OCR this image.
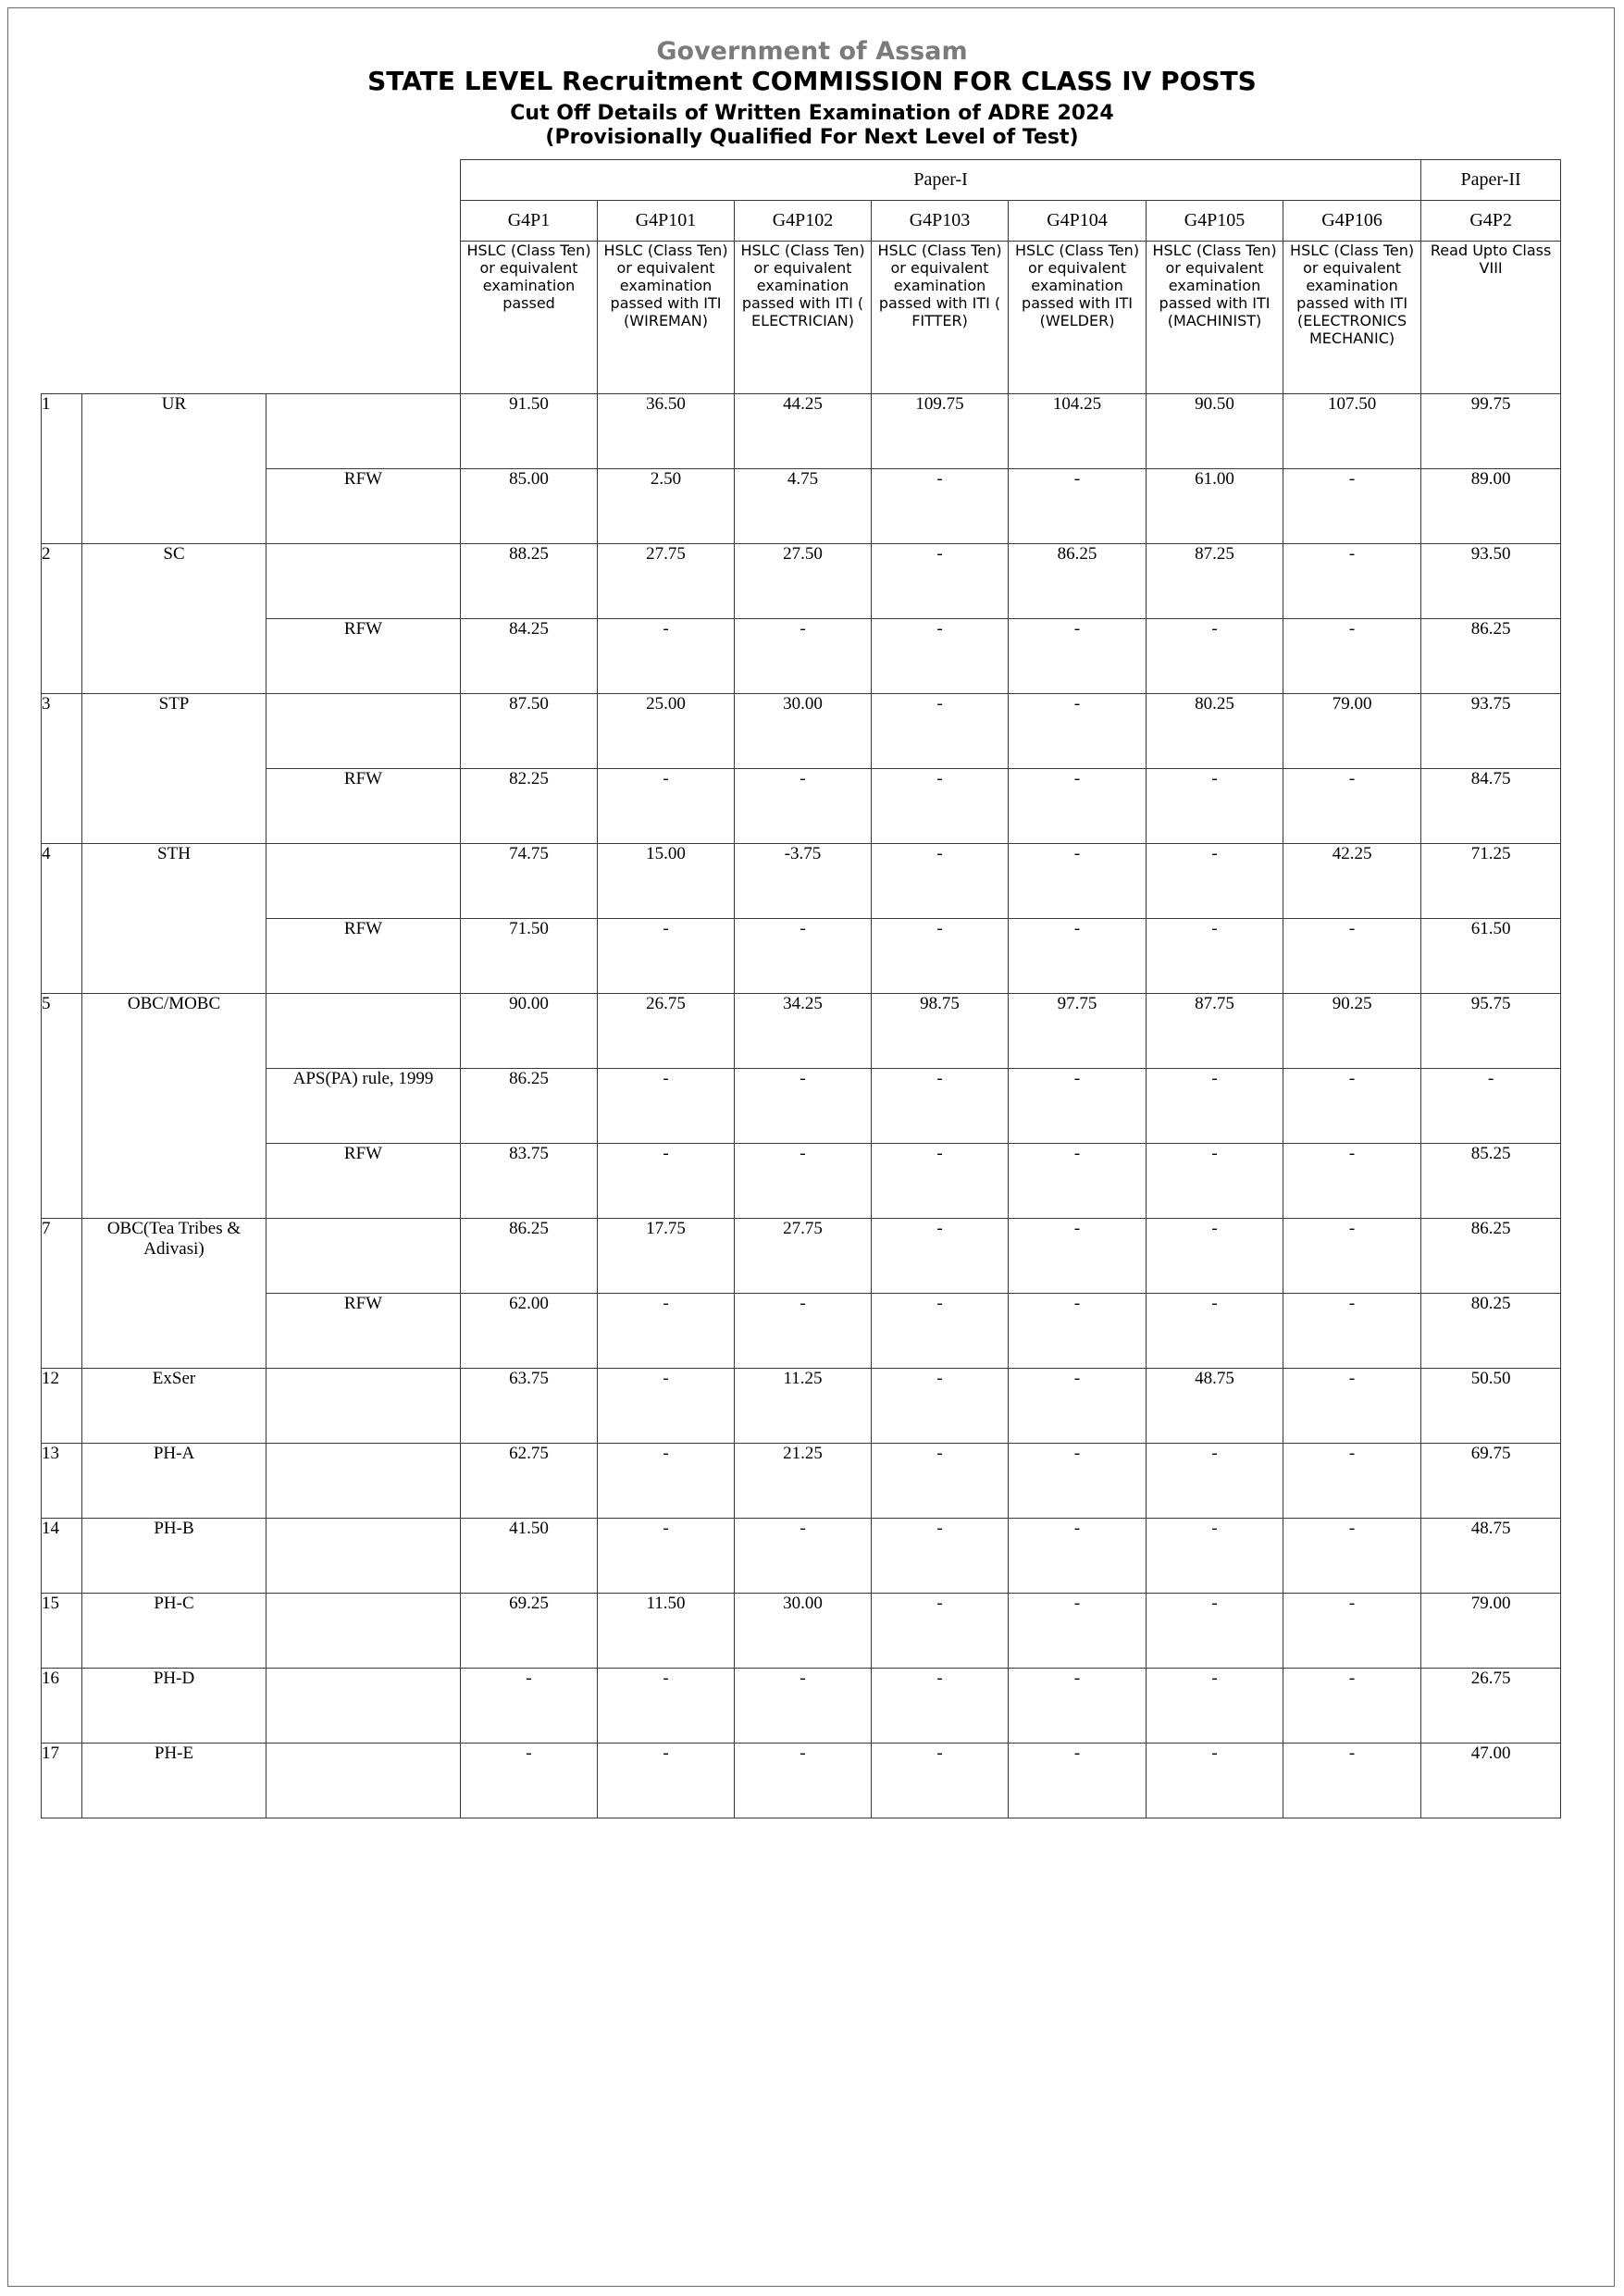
Government of Assam
STATE LEVEL Recruitment COMMISSION FOR CLASS IV POSTS
Cut Off Details of Written Examination of ADRE 2024
(Provisionally Qualified For Next Level of Test)
			Paper-I							Paper-II
			G4P1	G4P101	G4P102	G4P103	G4P104	G4P105	G4P106	G4P2
			HSLC (Class Ten) or equivalent examination passed	HSLC (Class Ten) or equivalent examination passed with ITI (WIREMAN)	HSLC (Class Ten) or equivalent examination passed with ITI ( ELECTRICIAN)	HSLC (Class Ten) or equivalent examination passed with ITI ( FITTER)	HSLC (Class Ten) or equivalent examination passed with ITI (WELDER)	HSLC (Class Ten) or equivalent examination passed with ITI (MACHINIST)	HSLC (Class Ten) or equivalent examination passed with ITI (ELECTRONICS MECHANIC)	Read Upto Class VIII
1	UR		91.50	36.50	44.25	109.75	104.25	90.50	107.50	99.75
		RFW	85.00	2.50	4.75	-	-	61.00	-	89.00
2	SC		88.25	27.75	27.50	-	86.25	87.25	-	93.50
		RFW	84.25	-	-	-	-	-	-	86.25
3	STP		87.50	25.00	30.00	-	-	80.25	79.00	93.75
		RFW	82.25	-	-	-	-	-	-	84.75
4	STH		74.75	15.00	-3.75	-	-	-	42.25	71.25
		RFW	71.50	-	-	-	-	-	-	61.50
5	OBC/MOBC		90.00	26.75	34.25	98.75	97.75	87.75	90.25	95.75
		APS(PA) rule, 1999	86.25	-	-	-	-	-	-	-
		RFW	83.75	-	-	-	-	-	-	85.25
7	OBC(Tea Tribes & Adivasi)		86.25	17.75	27.75	-	-	-	-	86.25
		RFW	62.00	-	-	-	-	-	-	80.25
12	ExSer		63.75	-	11.25	-	-	48.75	-	50.50
13	PH-A		62.75	-	21.25	-	-	-	-	69.75
14	PH-B		41.50	-	-	-	-	-	-	48.75
15	PH-C		69.25	11.50	30.00	-	-	-	-	79.00
16	PH-D		-	-	-	-	-	-	-	26.75
17	PH-E		-	-	-	-	-	-	-	47.00
